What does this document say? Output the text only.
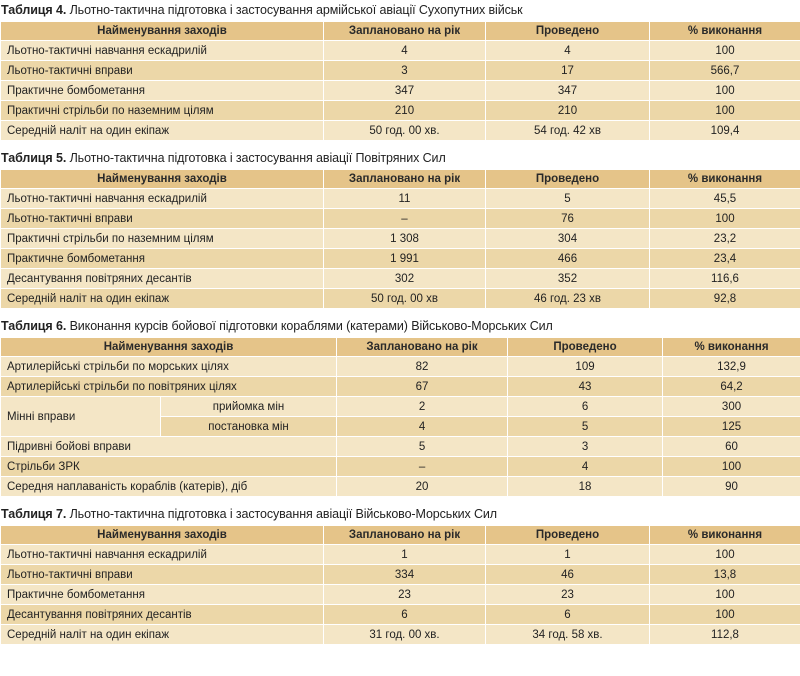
Таблиця 4. Льотно-тактична підготовка і застосування армійської авіації Сухопутних військ
Найменування заходів	Заплановано на рік	Проведено	% виконання
Льотно-тактичні навчання ескадрилій	4	4	100
Льотно-тактичні вправи	3	17	566,7
Практичне бомбометання	347	347	100
Практичні стрільби по наземним цілям	210	210	100
Середній наліт на один екіпаж	50 год. 00 хв.	54 год. 42 хв	109,4
Таблиця 5. Льотно-тактична підготовка і застосування авіації Повітряних Сил
Найменування заходів	Заплановано на рік	Проведено	% виконання
Льотно-тактичні навчання ескадрилій	11	5	45,5
Льотно-тактичні вправи	–	76	100
Практичні стрільби по наземним цілям	1 308	304	23,2
Практичне бомбометання	1 991	466	23,4
Десантування повітряних десантів	302	352	116,6
Середній наліт на один екіпаж	50 год. 00 хв	46 год. 23 хв	92,8
Таблиця 6. Виконання курсів бойової підготовки кораблями (катерами) Військово-Морських Сил
Найменування заходів		Заплановано на рік	Проведено	% виконання
Артилерійські стрільби по морських цілях		82	109	132,9
Артилерійські стрільби по повітряних цілях		67	43	64,2
Мінні вправи	прийомка мін	2	6	300
	постановка мін	4	5	125
Підривні бойові вправи		5	3	60
Стрільби ЗРК		–	4	100
Середня наплаваність кораблів (катерів), діб		20	18	90
Таблиця 7. Льотно-тактична підготовка і застосування авіації Військово-Морських Сил
Найменування заходів	Заплановано на рік	Проведено	% виконання
Льотно-тактичні навчання ескадрилій	1	1	100
Льотно-тактичні вправи	334	46	13,8
Практичне бомбометання	23	23	100
Десантування повітряних десантів	6	6	100
Середній наліт на один екіпаж	31 год. 00 хв.	34 год. 58 хв.	112,8
